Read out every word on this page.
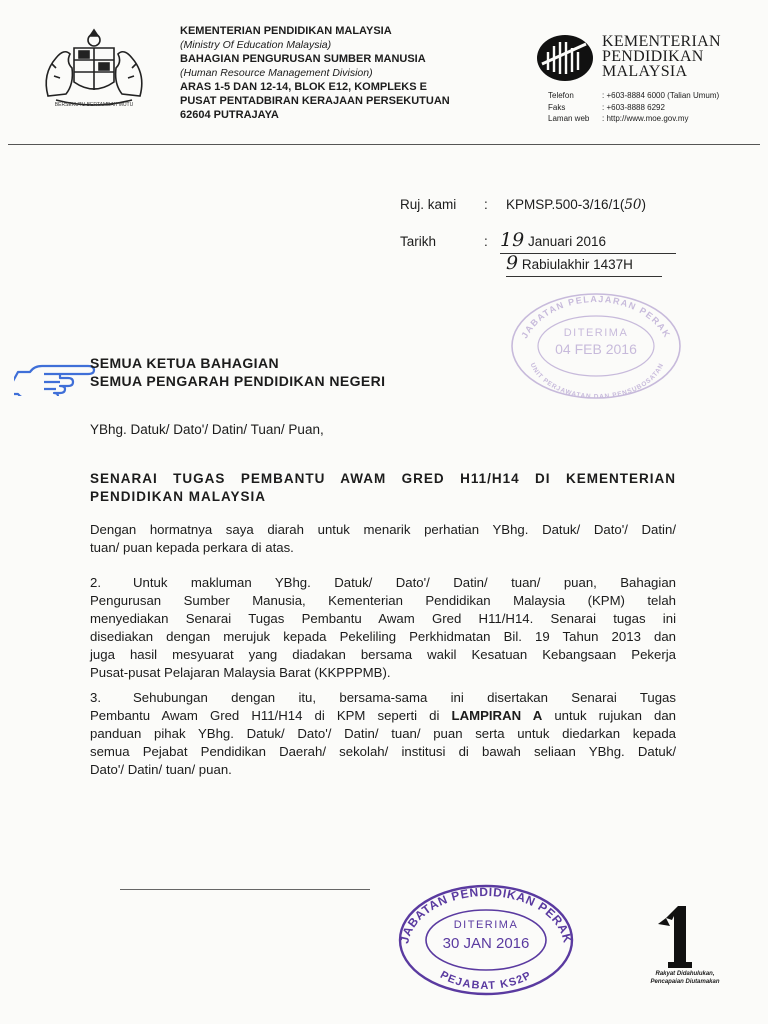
BERSEKUTU BERTAMBAH MUTU
KEMENTERIAN PENDIDIKAN MALAYSIA
(Ministry Of Education Malaysia)
BAHAGIAN PENGURUSAN SUMBER MANUSIA
(Human Resource Management Division)
ARAS 1-5 DAN 12-14, BLOK E12, KOMPLEKS E
PUSAT PENTADBIRAN KERAJAAN PERSEKUTUAN
62604 PUTRAJAYA
KEMENTERIAN
PENDIDIKAN
MALAYSIA
Telefon	: +603-8884 6000 (Talian Umum)
Faks	: +603-8888 6292
Laman web	: http://www.moe.gov.my
Ruj. kami : KPMSP.500-3/16/1(50)
Tarikh	: 19 Januari 2016
9 Rabiulakhir 1437H
JABATAN PELAJARAN PERAK
UNIT PERJAWATAN DAN PENSUBOSATAN
DITERIMA
04 FEB 2016
SEMUA KETUA BAHAGIAN
SEMUA PENGARAH PENDIDIKAN NEGERI
YBhg. Datuk/ Dato'/ Datin/ Tuan/ Puan,
SENARAI TUGAS PEMBANTU AWAM GRED H11/H14 DI KEMENTERIAN
PENDIDIKAN MALAYSIA
Dengan hormatnya saya diarah untuk menarik perhatian YBhg. Datuk/ Dato'/ Datin/
tuan/ puan kepada perkara di atas.
2. Untuk makluman YBhg. Datuk/ Dato'/ Datin/ tuan/ puan, Bahagian
Pengurusan Sumber Manusia, Kementerian Pendidikan Malaysia (KPM) telah
menyediakan Senarai Tugas Pembantu Awam Gred H11/H14. Senarai tugas ini
disediakan dengan merujuk kepada Pekeliling Perkhidmatan Bil. 19 Tahun 2013 dan
juga hasil mesyuarat yang diadakan bersama wakil Kesatuan Kebangsaan Pekerja
Pusat-pusat Pelajaran Malaysia Barat (KKPPPMB).
3. Sehubungan dengan itu, bersama-sama ini disertakan Senarai Tugas
Pembantu Awam Gred H11/H14 di KPM seperti di LAMPIRAN A untuk rujukan dan
panduan pihak YBhg. Datuk/ Dato'/ Datin/ tuan/ puan serta untuk diedarkan kepada
semua Pejabat Pendidikan Daerah/ sekolah/ institusi di bawah seliaan YBhg. Datuk/
Dato'/ Datin/ tuan/ puan.
JABATAN PENDIDIKAN PERAK
PEJABAT KS2P
DITERIMA
30 JAN 2016
Rakyat Didahulukan,
Pencapaian Diutamakan
